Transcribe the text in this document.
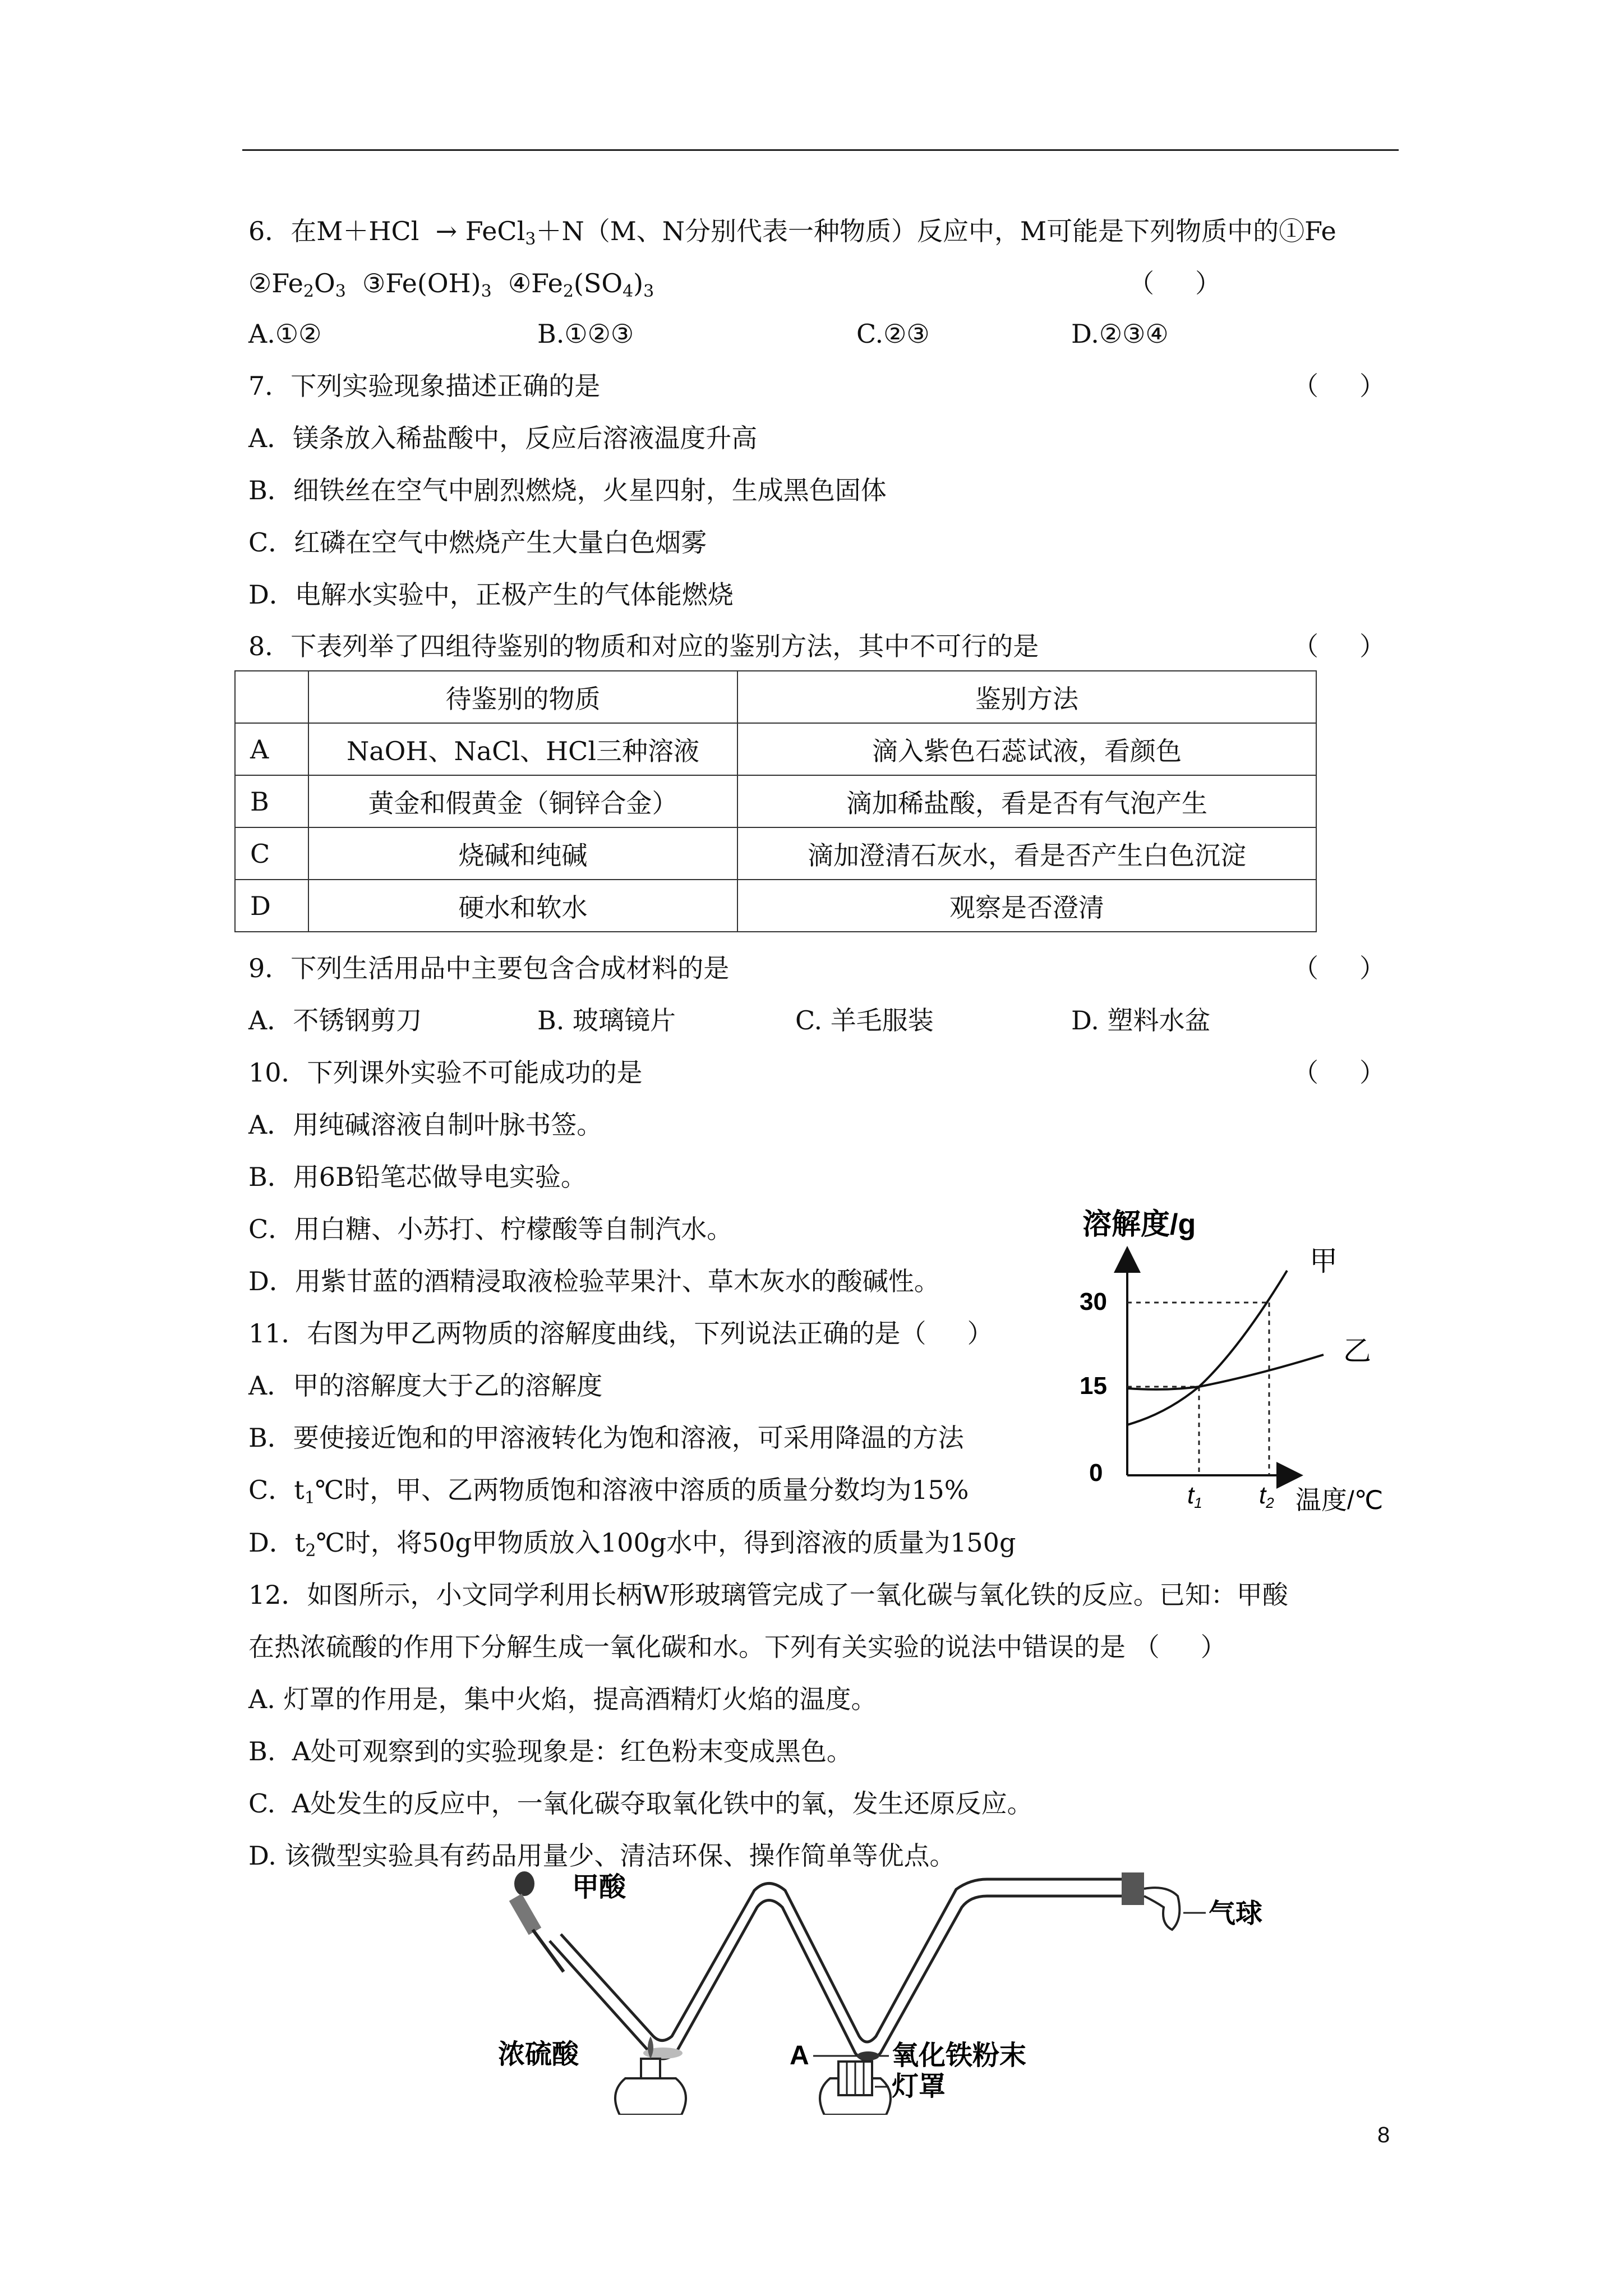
6．在M＋HCl  → FeCl$_3$＋N（M、N分别代表一种物质）反应中，M可能是下列物质中的①Fe
$②Fe_2O_3$  $③Fe(OH)_3$  $④Fe_2(SO_4)_3$	（     ）
A.①②	B.①②③	C.②③	D.②③④
7．下列实验现象描述正确的是	（     ）
A．镁条放入稀盐酸中，反应后溶液温度升高
B．细铁丝在空气中剧烈燃烧，火星四射，生成黑色固体
C．红磷在空气中燃烧产生大量白色烟雾
D．电解水实验中，正极产生的气体能燃烧
8．下表列举了四组待鉴别的物质和对应的鉴别方法，其中不可行的是	（     ）
	待鉴别的物质	鉴别方法
A	NaOH、NaCl、HCl三种溶液	滴入紫色石蕊试液，看颜色
B	黄金和假黄金（铜锌合金）	滴加稀盐酸，看是否有气泡产生
C	烧碱和纯碱	滴加澄清石灰水，看是否产生白色沉淀
D	硬水和软水	观察是否澄清
9．下列生活用品中主要包含合成材料的是	（     ）
A．不锈钢剪刀	B. 玻璃镜片	C. 羊毛服装	D. 塑料水盆
10．下列课外实验不可能成功的是	（     ）
A．用纯碱溶液自制叶脉书签。
B．用6B铅笔芯做导电实验。
C．用白糖、小苏打、柠檬酸等自制汽水。
D．用紫甘蓝的酒精浸取液检验苹果汁、草木灰水的酸碱性。
11．右图为甲乙两物质的溶解度曲线，下列说法正确的是（     ）
A．甲的溶解度大于乙的溶解度
B．要使接近饱和的甲溶液转化为饱和溶液，可采用降温的方法
C．$t_1℃$时，甲、乙两物质饱和溶液中溶质的质量分数均为15%
D．$t_2℃$时，将50g甲物质放入100g水中，得到溶液的质量为150g
溶解度/g
温度/℃
0
15
30
t1 t2
甲
乙
12．如图所示，小文同学利用长柄W形玻璃管完成了一氧化碳与氧化铁的反应。已知：甲酸
在热浓硫酸的作用下分解生成一氧化碳和水。下列有关实验的说法中错误的是 （     ）
A. 灯罩的作用是，集中火焰，提高酒精灯火焰的温度。
B.  A处可观察到的实验现象是：红色粉末变成黑色。
C.  A处发生的反应中，一氧化碳夺取氧化铁中的氧，发生还原反应。
D. 该微型实验具有药品用量少、清洁环保、操作简单等优点。
甲酸
气球
浓硫酸	A	氧化铁粉末
灯罩
8
